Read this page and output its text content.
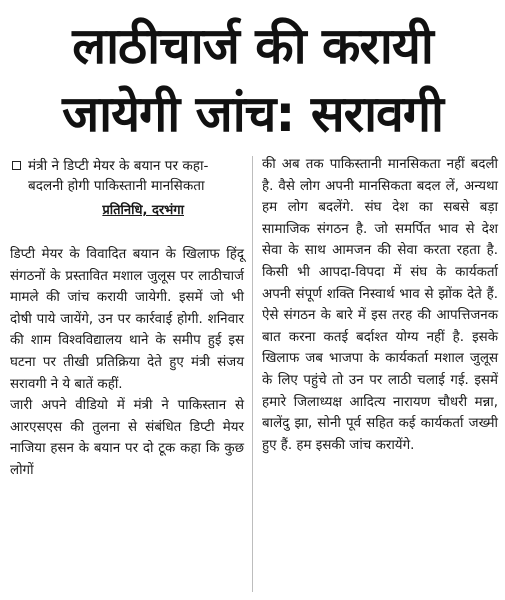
लाठीचार्ज की करायी
जायेगी जांच: सरावगी
मंत्री ने डिप्टी मेयर के बयान पर कहा- बदलनी होगी पाकिस्तानी मानसिकता
प्रतिनिधि, दरभंगा

डिप्टी मेयर के विवादित बयान के खिलाफ हिंदू संगठनों के प्रस्तावित मशाल जुलूस पर लाठीचार्ज मामले की जांच करायी जायेगी. इसमें जो भी दोषी पाये जायेंगे, उन पर कार्रवाई होगी. शनिवार की शाम विश्वविद्यालय थाने के समीप हुई इस घटना पर तीखी प्रतिक्रिया देते हुए मंत्री संजय सरावगी ने ये बातें कहीं.

जारी अपने वीडियो में मंत्री ने पाकिस्तान से आरएसएस की तुलना से संबंधित डिप्टी मेयर नाजिया हसन के बयान पर दो टूक कहा कि कुछ लोगों

की अब तक पाकिस्तानी मानसिकता नहीं बदली है. वैसे लोग अपनी मानसिकता बदल लें, अन्यथा हम लोग बदलेंगे. संघ देश का सबसे बड़ा सामाजिक संगठन है. जो समर्पित भाव से देश सेवा के साथ आमजन की सेवा करता रहता है. किसी भी आपदा-विपदा में संघ के कार्यकर्ता अपनी संपूर्ण शक्ति निस्वार्थ भाव से झोंक देते हैं. ऐसे संगठन के बारे में इस तरह की आपत्तिजनक बात करना कतई बर्दाश्त योग्य नहीं है. इसके खिलाफ जब भाजपा के कार्यकर्ता मशाल जुलूस के लिए पहुंचे तो उन पर लाठी चलाई गई. इसमें हमारे जिलाध्यक्ष आदित्य नारायण चौधरी मन्ना, बालेंदु झा, सोनी पूर्व सहित कई कार्यकर्ता जख्मी हुए हैं. हम इसकी जांच करायेंगे.
